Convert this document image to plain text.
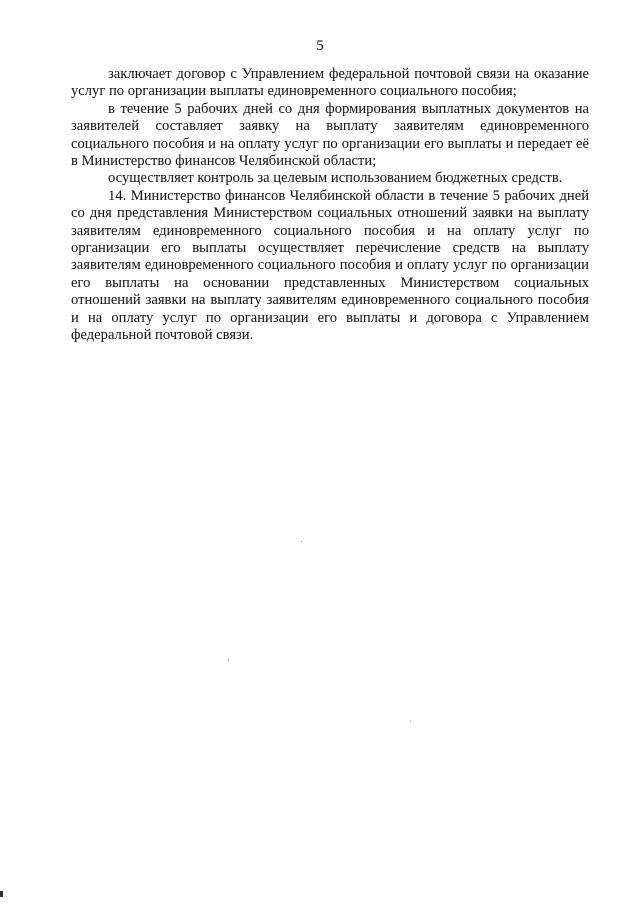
5

заключает договор с Управлением федеральной почтовой связи на оказание услуг по организации выплаты единовременного социального пособия;

в течение 5 рабочих дней со дня формирования выплатных документов на заявителей составляет заявку на выплату заявителям единовременного социального пособия и на оплату услуг по организации его выплаты и передает её в Министерство финансов Челябинской области;

осуществляет контроль за целевым использованием бюджетных средств.

14. Министерство финансов Челябинской области в течение 5 рабочих дней со дня представления Министерством социальных отношений заявки на выплату заявителям единовременного социального пособия и на оплату услуг по организации его выплаты осуществляет перечисление средств на выплату заявителям единовременного социального пособия и оплату услуг по организации его выплаты на основании представленных Министерством социальных отношений заявки на выплату заявителям единовременного социального пособия и на оплату услуг по организации его выплаты и договора с Управлением федеральной почтовой связи.
